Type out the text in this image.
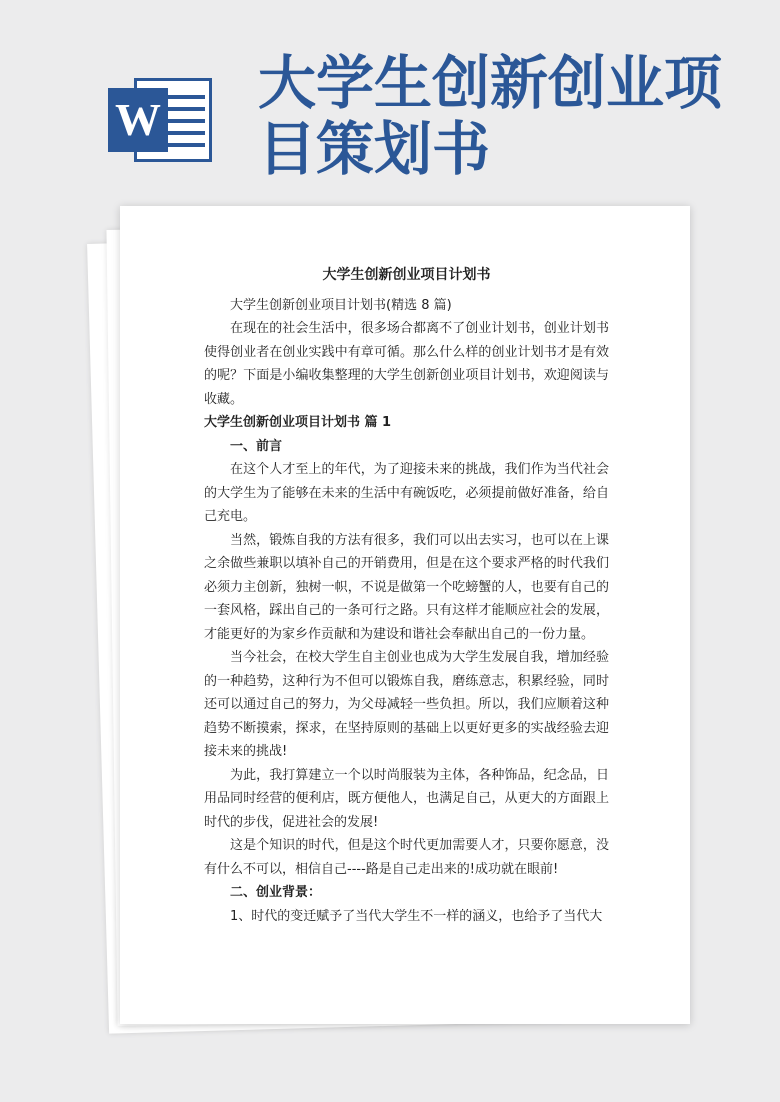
W
大学生创新创业项目策划书

大学生创新创业项目计划书

大学生创新创业项目计划书(精选 8 篇)

在现在的社会生活中，很多场合都离不了创业计划书，创业计划书使得创业者在创业实践中有章可循。那么什么样的创业计划书才是有效的呢？下面是小编收集整理的大学生创新创业项目计划书，欢迎阅读与收藏。

大学生创新创业项目计划书 篇 1

一、前言

在这个人才至上的年代，为了迎接未来的挑战，我们作为当代社会的大学生为了能够在未来的生活中有碗饭吃，必须提前做好准备，给自己充电。

当然，锻炼自我的方法有很多，我们可以出去实习，也可以在上课之余做些兼职以填补自己的开销费用，但是在这个要求严格的时代我们必须力主创新，独树一帜，不说是做第一个吃螃蟹的人，也要有自己的一套风格，踩出自己的一条可行之路。只有这样才能顺应社会的发展，才能更好的为家乡作贡献和为建设和谐社会奉献出自己的一份力量。

当今社会，在校大学生自主创业也成为大学生发展自我，增加经验的一种趋势，这种行为不但可以锻炼自我，磨练意志，积累经验，同时还可以通过自己的努力，为父母减轻一些负担。所以，我们应顺着这种趋势不断摸索，探求，在坚持原则的基础上以更好更多的实战经验去迎接未来的挑战!

为此，我打算建立一个以时尚服装为主体，各种饰品，纪念品，日用品同时经营的便利店，既方便他人，也满足自己，从更大的方面跟上时代的步伐，促进社会的发展!

这是个知识的时代，但是这个时代更加需要人才，只要你愿意，没有什么不可以，相信自己----路是自己走出来的!成功就在眼前!

二、创业背景：

1、时代的变迁赋予了当代大学生不一样的涵义，也给予了当代大
